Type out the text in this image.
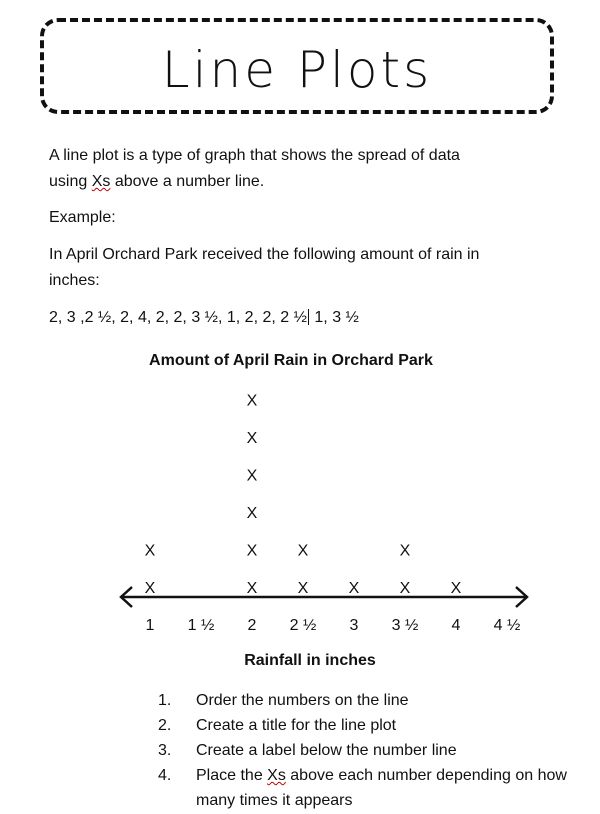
Line Plots
A line plot is a type of graph that shows the spread of data
using Xs above a number line.
Example:
In April Orchard Park received the following amount of rain in
inches:
2, 3 ,2 ½, 2, 4, 2, 2, 3 ½, 1, 2, 2, 2 ½ 1, 3 ½
Amount of April Rain in Orchard Park
1 1 ½ 2 2 ½ 3 3 ½ 4 4 ½
X
X
X
X
X
X
X
X
X
X
X	X
X
X
Rainfall in inches
1.	Order the numbers on the line
2.	Create a title for the line plot
3.	Create a label below the number line
4.	Place the Xs above each number depending on how
many times it appears
